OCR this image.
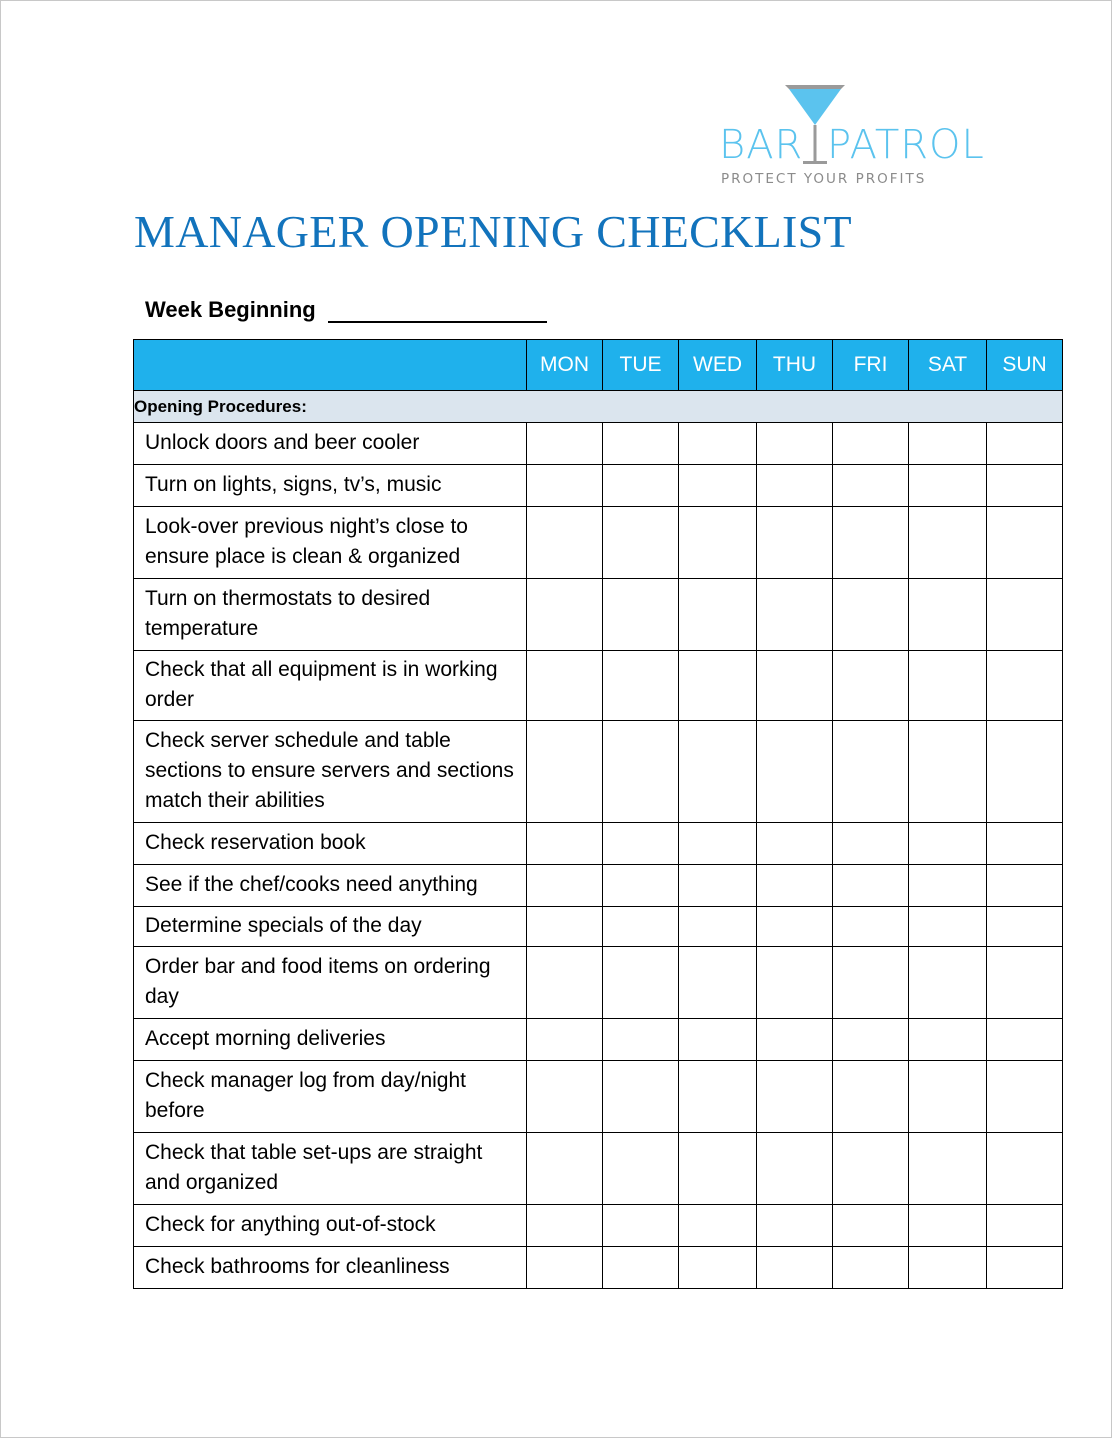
BAR PATROL
PROTECT YOUR PROFITS
MANAGER OPENING CHECKLIST
Week Beginning
	MON	TUE	WED	THU	FRI	SAT	SUN
Opening Procedures:							
Unlock doors and beer cooler							
Turn on lights, signs, tv’s, music							
Look-over previous night’s close to ensure place is clean & organized							
Turn on thermostats to desired temperature							
Check that all equipment is in working order							
Check server schedule and table sections to ensure servers and sections match their abilities							
Check reservation book							
See if the chef/cooks need anything							
Determine specials of the day							
Order bar and food items on ordering day							
Accept morning deliveries							
Check manager log from day/night before							
Check that table set-ups are straight and organized							
Check for anything out-of-stock							
Check bathrooms for cleanliness							
